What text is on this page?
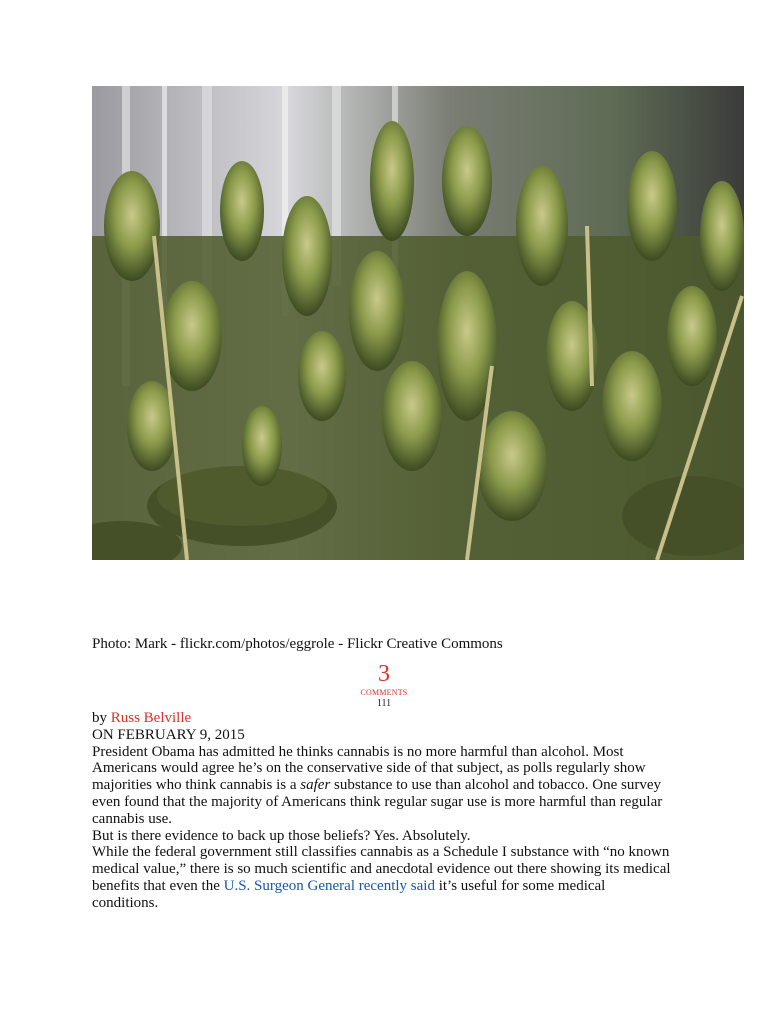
Photo: Mark - flickr.com/photos/eggrole - Flickr Creative Commons
3
COMMENTS
111

by Russ Belville

ON FEBRUARY 9, 2015

President Obama has admitted he thinks cannabis is no more harmful than alcohol. Most Americans would agree he’s on the conservative side of that subject, as polls regularly show majorities who think cannabis is a safer substance to use than alcohol and tobacco. One survey even found that the majority of Americans think regular sugar use is more harmful than regular cannabis use.

But is there evidence to back up those beliefs? Yes. Absolutely.

While the federal government still classifies cannabis as a Schedule I substance with “no known medical value,” there is so much scientific and anecdotal evidence out there showing its medical benefits that even the U.S. Surgeon General recently said it’s useful for some medical conditions.
